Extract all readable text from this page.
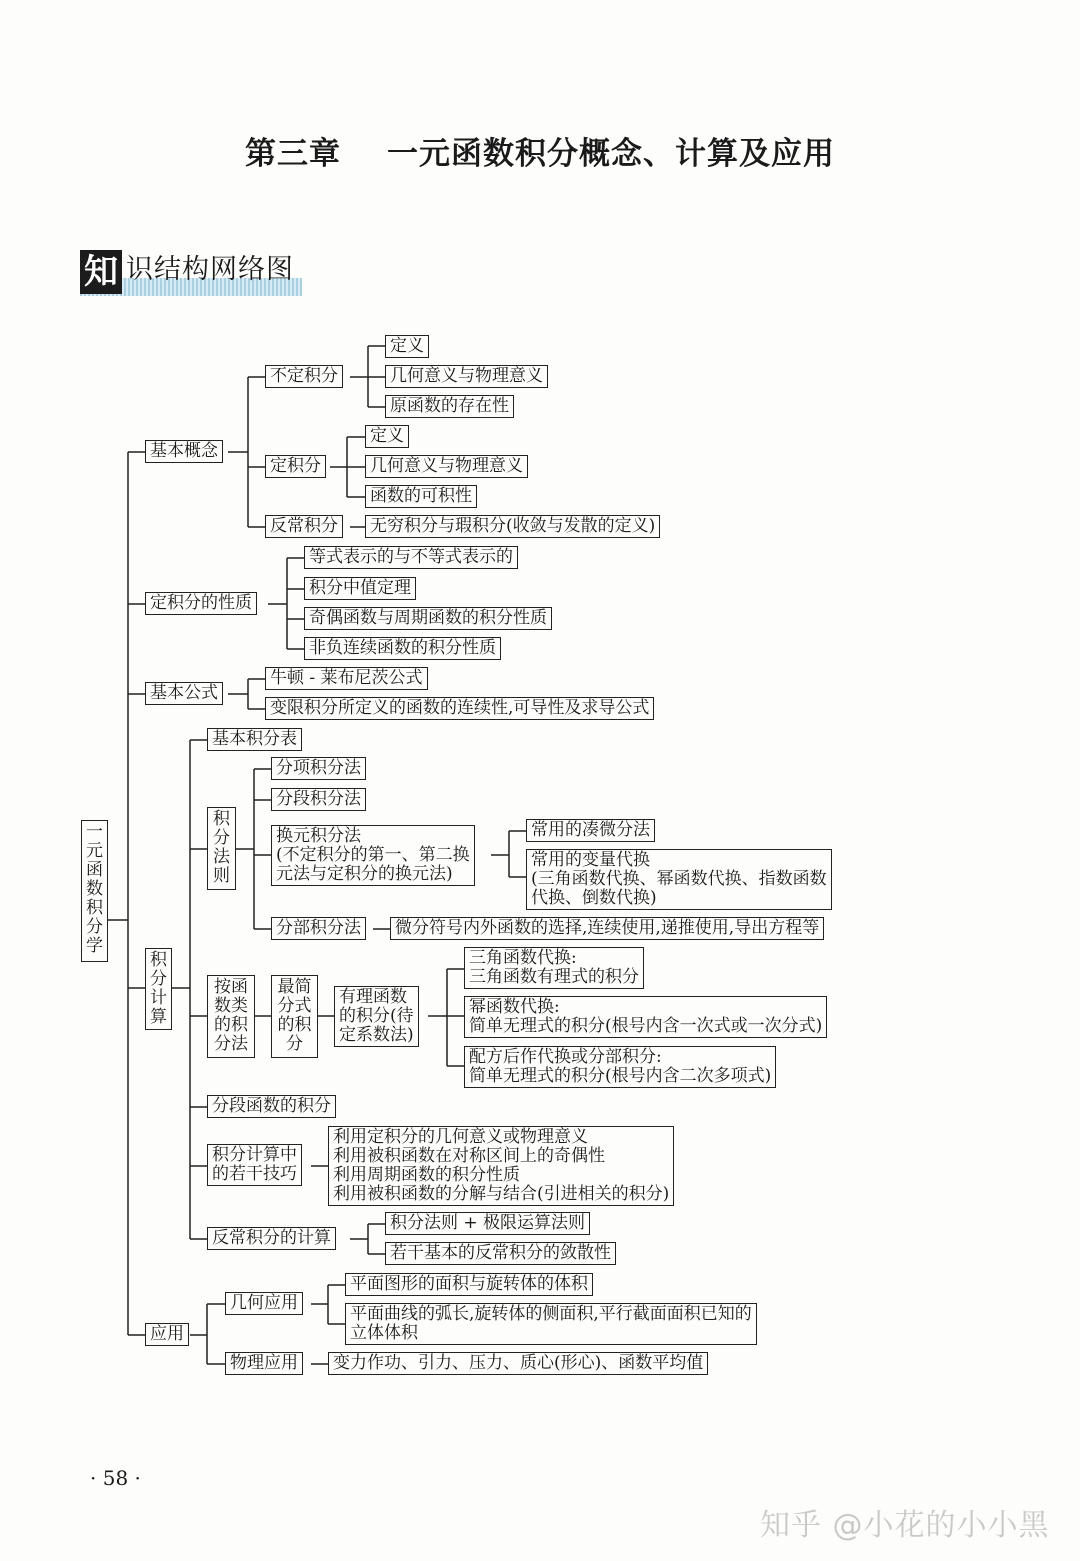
第三章 一元函数积分概念、计算及应用
知 识结构网络图
一元函数积分学
基本概念
不定积分
定义
几何意义与物理意义
原函数的存在性
定积分
定义
几何意义与物理意义
函数的可积性
反常积分 无穷积分与瑕积分(收敛与发散的定义)
定积分的性质
等式表示的与不等式表示的
积分中值定理
奇偶函数与周期函数的积分性质
非负连续函数的积分性质
基本公式
牛顿 - 莱布尼茨公式
变限积分所定义的函数的连续性,可导性及求导公式
积分计算
基本积分表
积分法则
分项积分法
分段积分法
换元积分法
(不定积分的第一、第二换
元法与定积分的换元法)
常用的凑微分法
常用的变量代换
(三角函数代换、幂函数代换、指数函数
代换、倒数代换)
分部积分法 微分符号内外函数的选择,连续使用,递推使用,导出方程等
按函数类的积分法
最简分式的积分
有理函数
的积分(待
定系数法)
三角函数代换:
三角函数有理式的积分
幂函数代换:
简单无理式的积分(根号内含一次式或一次分式)
配方后作代换或分部积分:
简单无理式的积分(根号内含二次多项式)
分段函数的积分
积分计算中
的若干技巧
利用定积分的几何意义或物理意义
利用被积函数在对称区间上的奇偶性
利用周期函数的积分性质
利用被积函数的分解与结合(引进相关的积分)
反常积分的计算
积分法则 + 极限运算法则
若干基本的反常积分的敛散性
应用
几何应用
平面图形的面积与旋转体的体积
平面曲线的弧长,旋转体的侧面积,平行截面面积已知的
立体体积
物理应用 变力作功、引力、压力、质心(形心)、函数平均值
· 58 ·
知乎 @小花的小小黑
